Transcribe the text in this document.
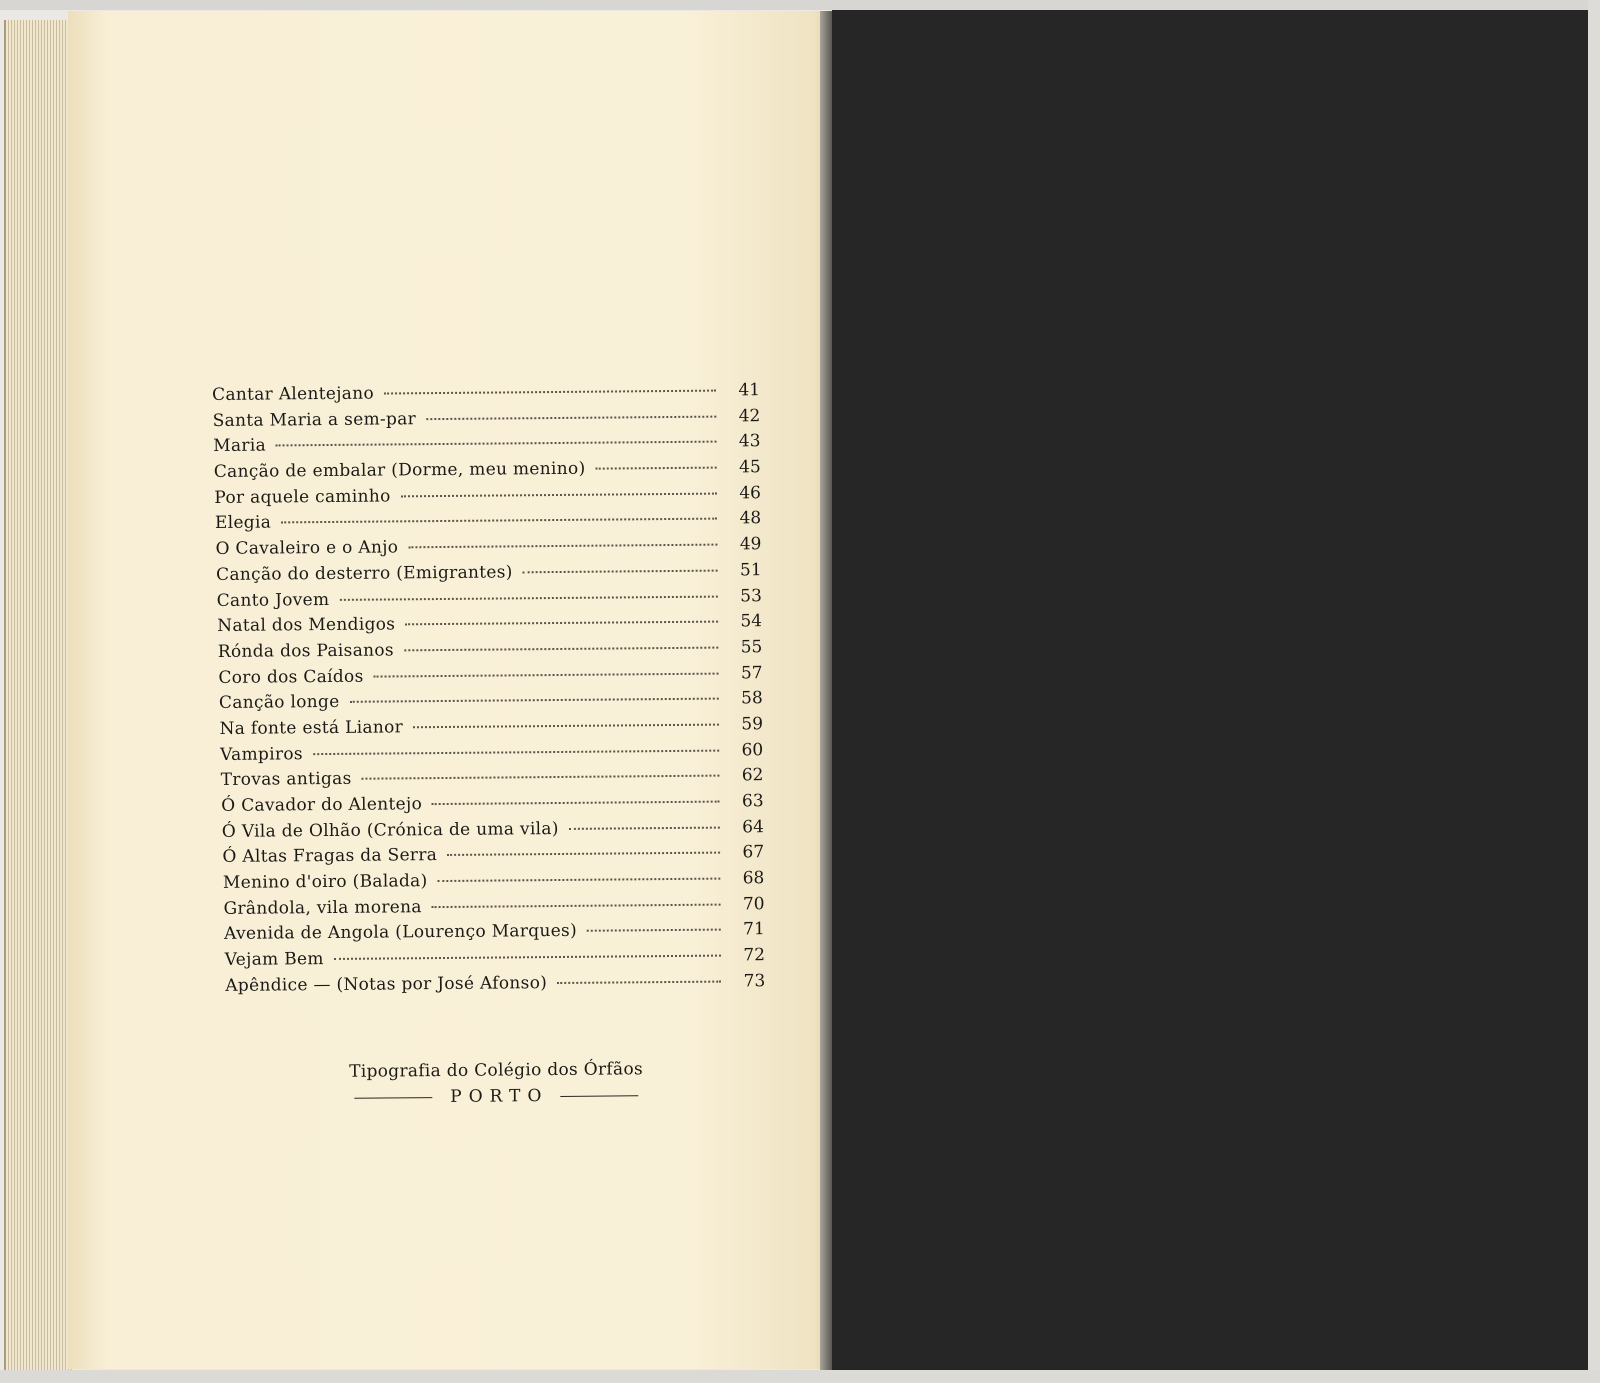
Cantar Alentejano	41
Santa Maria a sem-par	42
Maria	43
Canção de embalar (Dorme, meu menino)	45
Por aquele caminho	46
Elegia	48
O Cavaleiro e o Anjo	49
Canção do desterro (Emigrantes)	51
Canto Jovem	53
Natal dos Mendigos	54
Rónda dos Paisanos	55
Coro dos Caídos	57
Canção longe	58
Na fonte está Lianor	59
Vampiros	60
Trovas antigas	62
Ó Cavador do Alentejo	63
Ó Vila de Olhão (Crónica de uma vila)	64
Ó Altas Fragas da Serra	67
Menino d'oiro (Balada)	68
Grândola, vila morena	70
Avenida de Angola (Lourenço Marques)	71
Vejam Bem	72
Apêndice — (Notas por José Afonso)	73
Tipografia do Colégio dos Órfãos
PORTO
